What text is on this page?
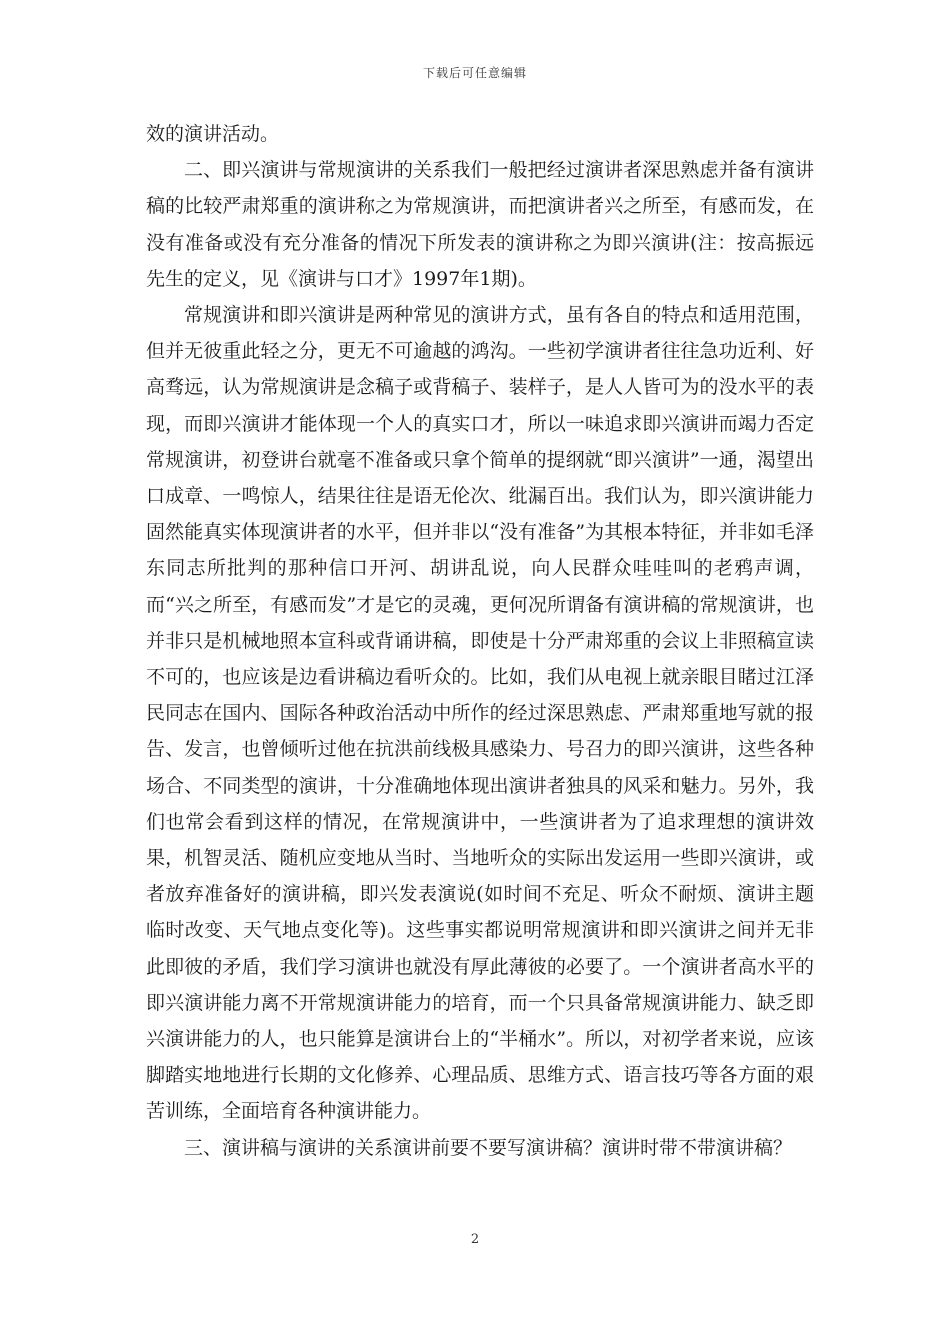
下载后可任意编辑

效的演讲活动。

二、即兴演讲与常规演讲的关系我们一般把经过演讲者深思熟虑并备有演讲稿的比较严肃郑重的演讲称之为常规演讲，而把演讲者兴之所至，有感而发，在没有准备或没有充分准备的情况下所发表的演讲称之为即兴演讲(注：按高振远先生的定义，见《演讲与口才》1997年1期)。

常规演讲和即兴演讲是两种常见的演讲方式，虽有各自的特点和适用范围，但并无彼重此轻之分，更无不可逾越的鸿沟。一些初学演讲者往往急功近利、好高骛远，认为常规演讲是念稿子或背稿子、装样子，是人人皆可为的没水平的表现，而即兴演讲才能体现一个人的真实口才，所以一味追求即兴演讲而竭力否定常规演讲，初登讲台就毫不准备或只拿个简单的提纲就“即兴演讲”一通，渴望出口成章、一鸣惊人，结果往往是语无伦次、纰漏百出。我们认为，即兴演讲能力固然能真实体现演讲者的水平，但并非以“没有准备”为其根本特征，并非如毛泽东同志所批判的那种信口开河、胡讲乱说，向人民群众哇哇叫的老鸦声调，而“兴之所至，有感而发”才是它的灵魂，更何况所谓备有演讲稿的常规演讲，也并非只是机械地照本宣科或背诵讲稿，即使是十分严肃郑重的会议上非照稿宣读不可的，也应该是边看讲稿边看听众的。比如，我们从电视上就亲眼目睹过江泽民同志在国内、国际各种政治活动中所作的经过深思熟虑、严肃郑重地写就的报告、发言，也曾倾听过他在抗洪前线极具感染力、号召力的即兴演讲，这些各种场合、不同类型的演讲，十分准确地体现出演讲者独具的风采和魅力。另外，我们也常会看到这样的情况，在常规演讲中，一些演讲者为了追求理想的演讲效果，机智灵活、随机应变地从当时、当地听众的实际出发运用一些即兴演讲，或者放弃准备好的演讲稿，即兴发表演说(如时间不充足、听众不耐烦、演讲主题临时改变、天气地点变化等)。这些事实都说明常规演讲和即兴演讲之间并无非此即彼的矛盾，我们学习演讲也就没有厚此薄彼的必要了。一个演讲者高水平的即兴演讲能力离不开常规演讲能力的培育，而一个只具备常规演讲能力、缺乏即兴演讲能力的人，也只能算是演讲台上的“半桶水”。所以，对初学者来说，应该脚踏实地地进行长期的文化修养、心理品质、思维方式、语言技巧等各方面的艰苦训练，全面培育各种演讲能力。

三、演讲稿与演讲的关系演讲前要不要写演讲稿？演讲时带不带演讲稿？

2
